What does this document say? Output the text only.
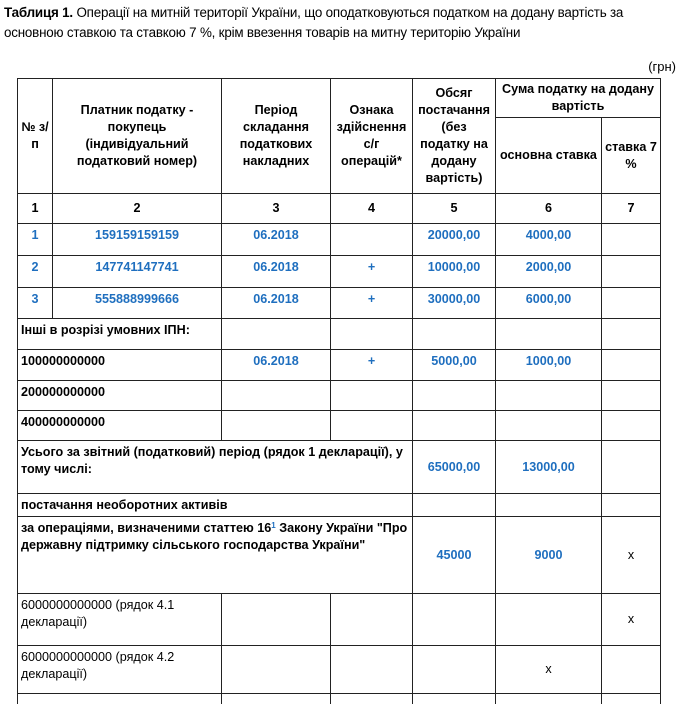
Таблиця 1. Операції на митній території України, що оподатковуються податком на додану вартість за основною ставкою та ставкою 7 %, крім ввезення товарів на митну територію України
(грн)
№ з/п	Платник податку - покупець (індивідуальний податковий номер)	Період складання податкових накладних	Ознака здійснення с/г операцій*	Обсяг постачання (без податку на додану вартість)	Сума податку на додану вартість	
					основна ставка	ставка 7 %
1	2	3	4	5	6	7
1	159159159159	06.2018		20000,00	4000,00	
2	147741147741	06.2018	+	10000,00	2000,00	
3	555888999666	06.2018	+	30000,00	6000,00	
Інші в розрізі умовних ІПН:						
100000000000		06.2018	+	5000,00	1000,00	
200000000000						
400000000000						
Усього за звітний (податковий) період (рядок 1 декларації), у тому числі:				65000,00	13000,00	
постачання необоротних активів						
за операціями, визначеними статтею $16^1$ Закону України "Про державну підтримку сільського господарства України"				45000	9000	x
6000000000000 (рядок 4.1 декларації)						x
6000000000000 (рядок 4.2 декларації)					x	
